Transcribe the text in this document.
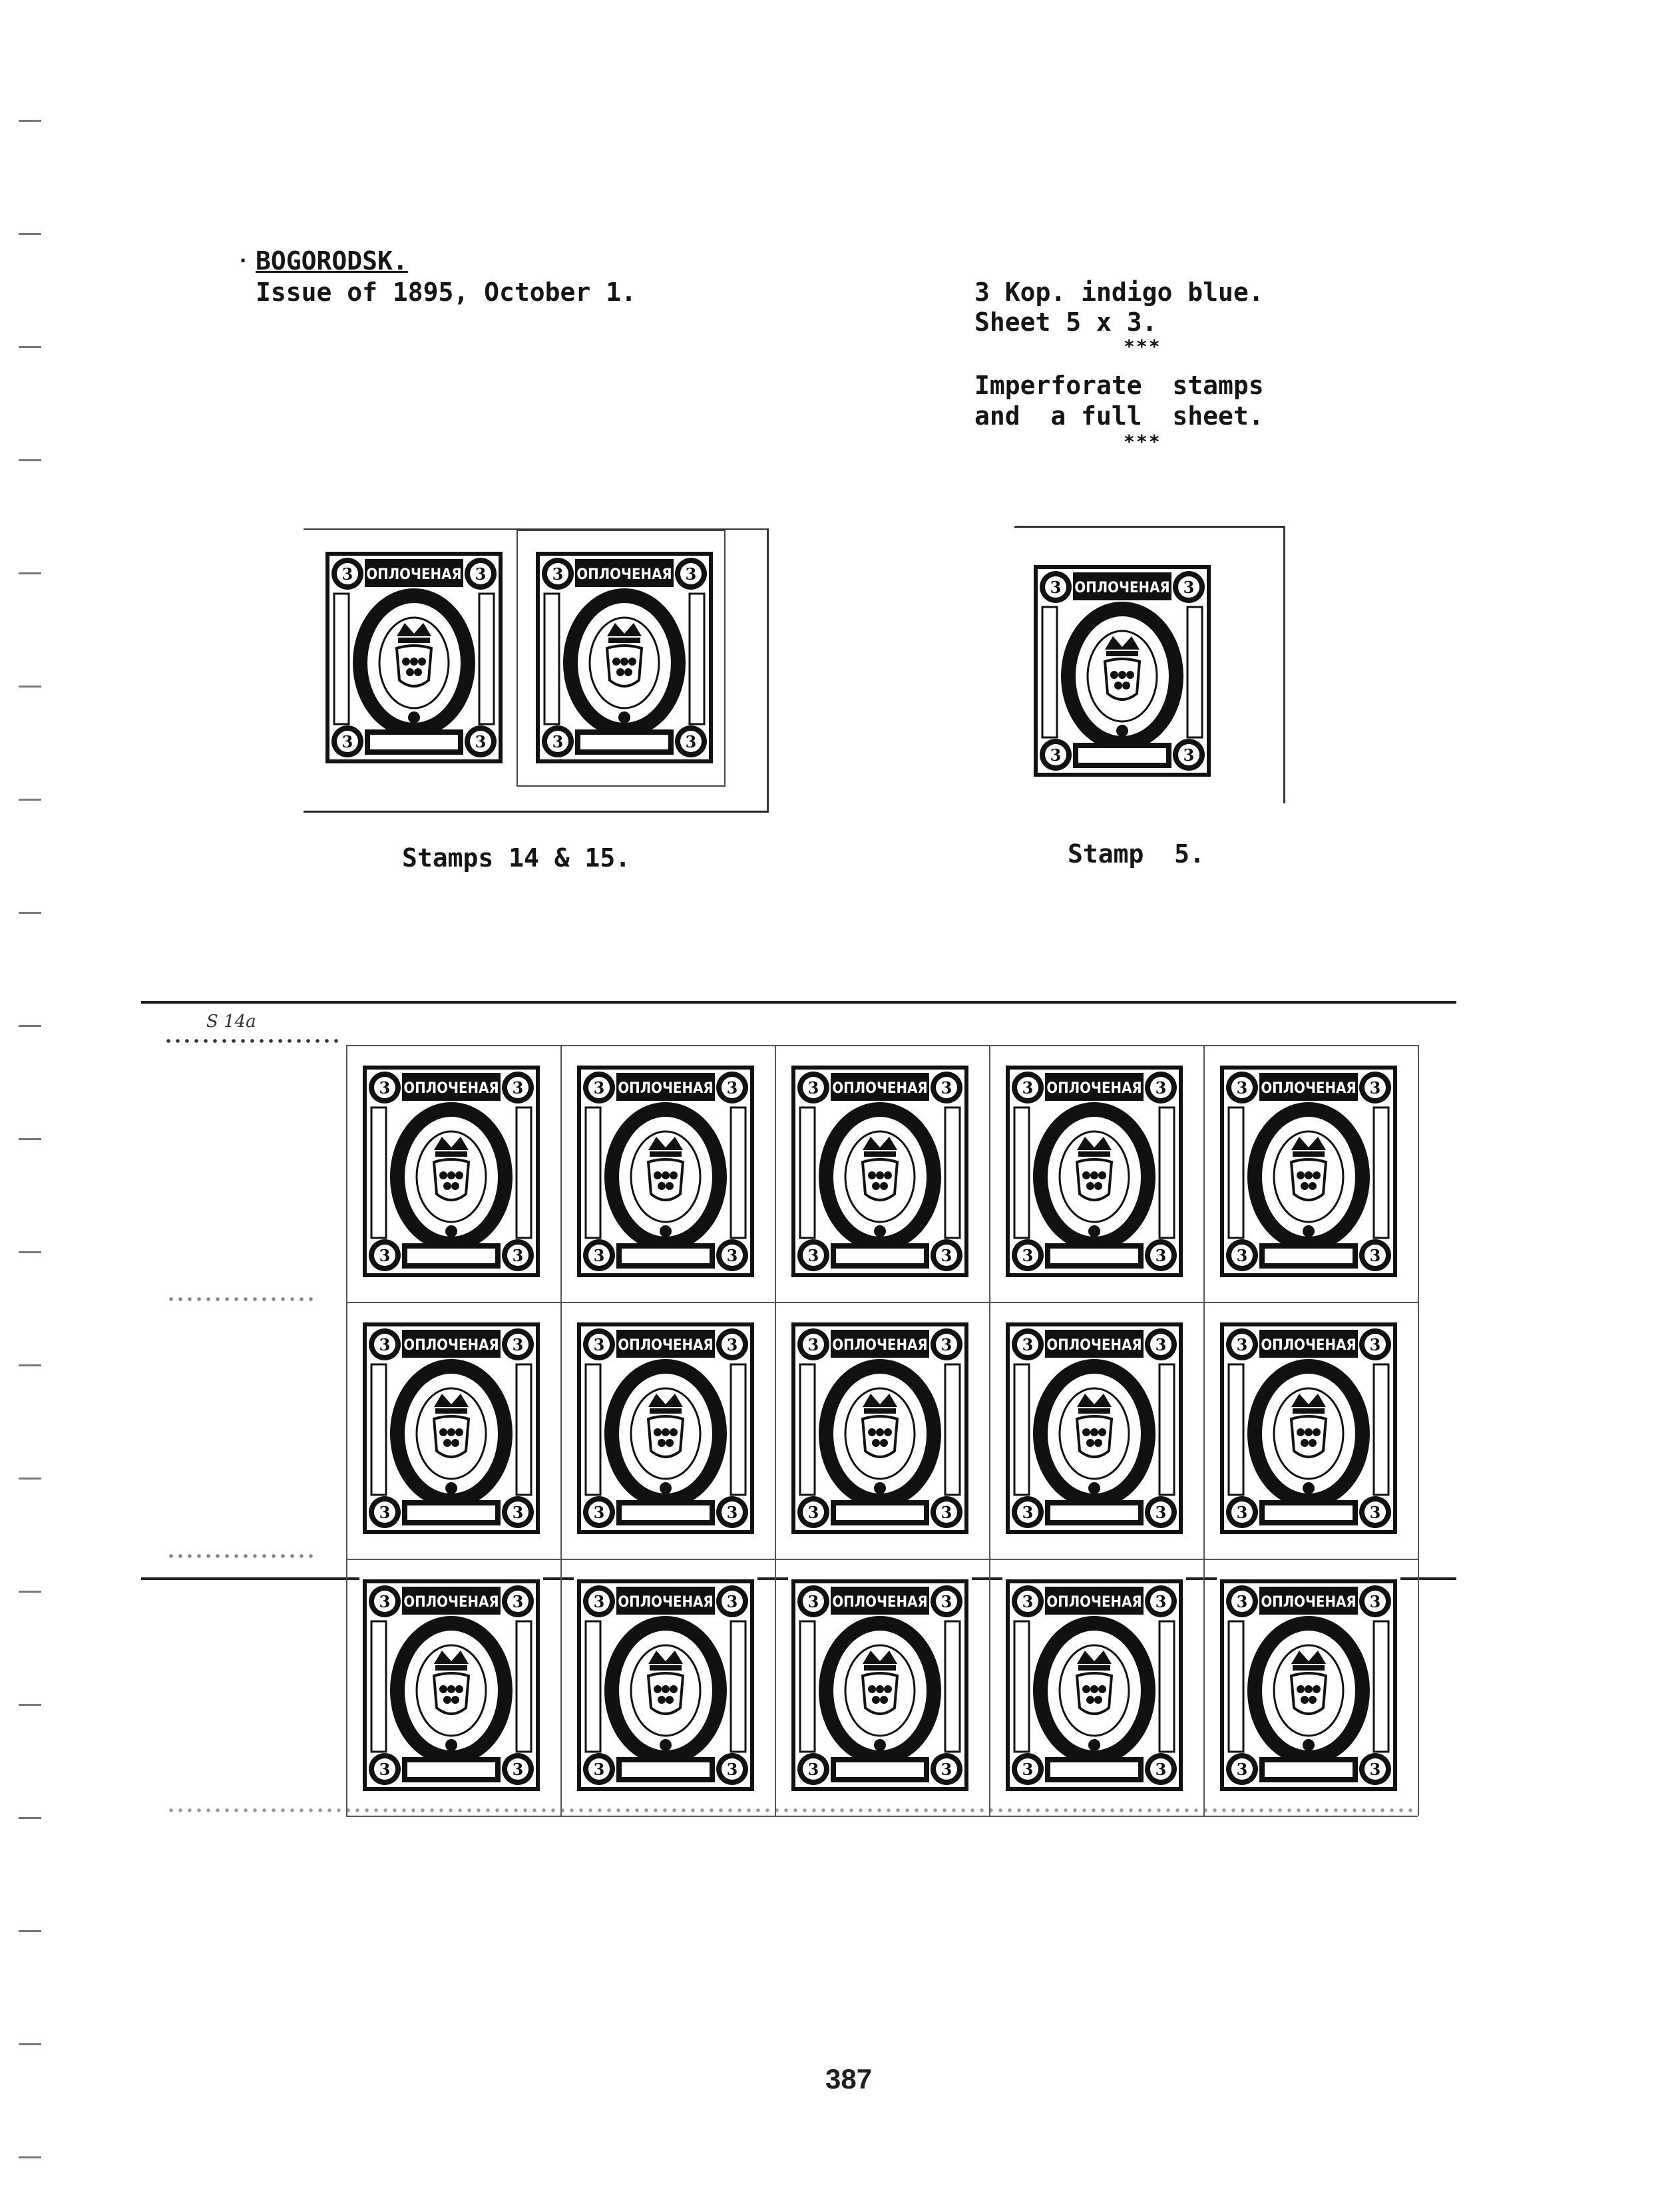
· BOGORODSK.
Issue of 1895, October 1.	3 Kop. indigo blue.
Sheet 5 x 3.
***
Imperforate  stamps
and  a full  sheet.
***
Stamps 14 & 15.	Stamp  5.
S 14a
387
